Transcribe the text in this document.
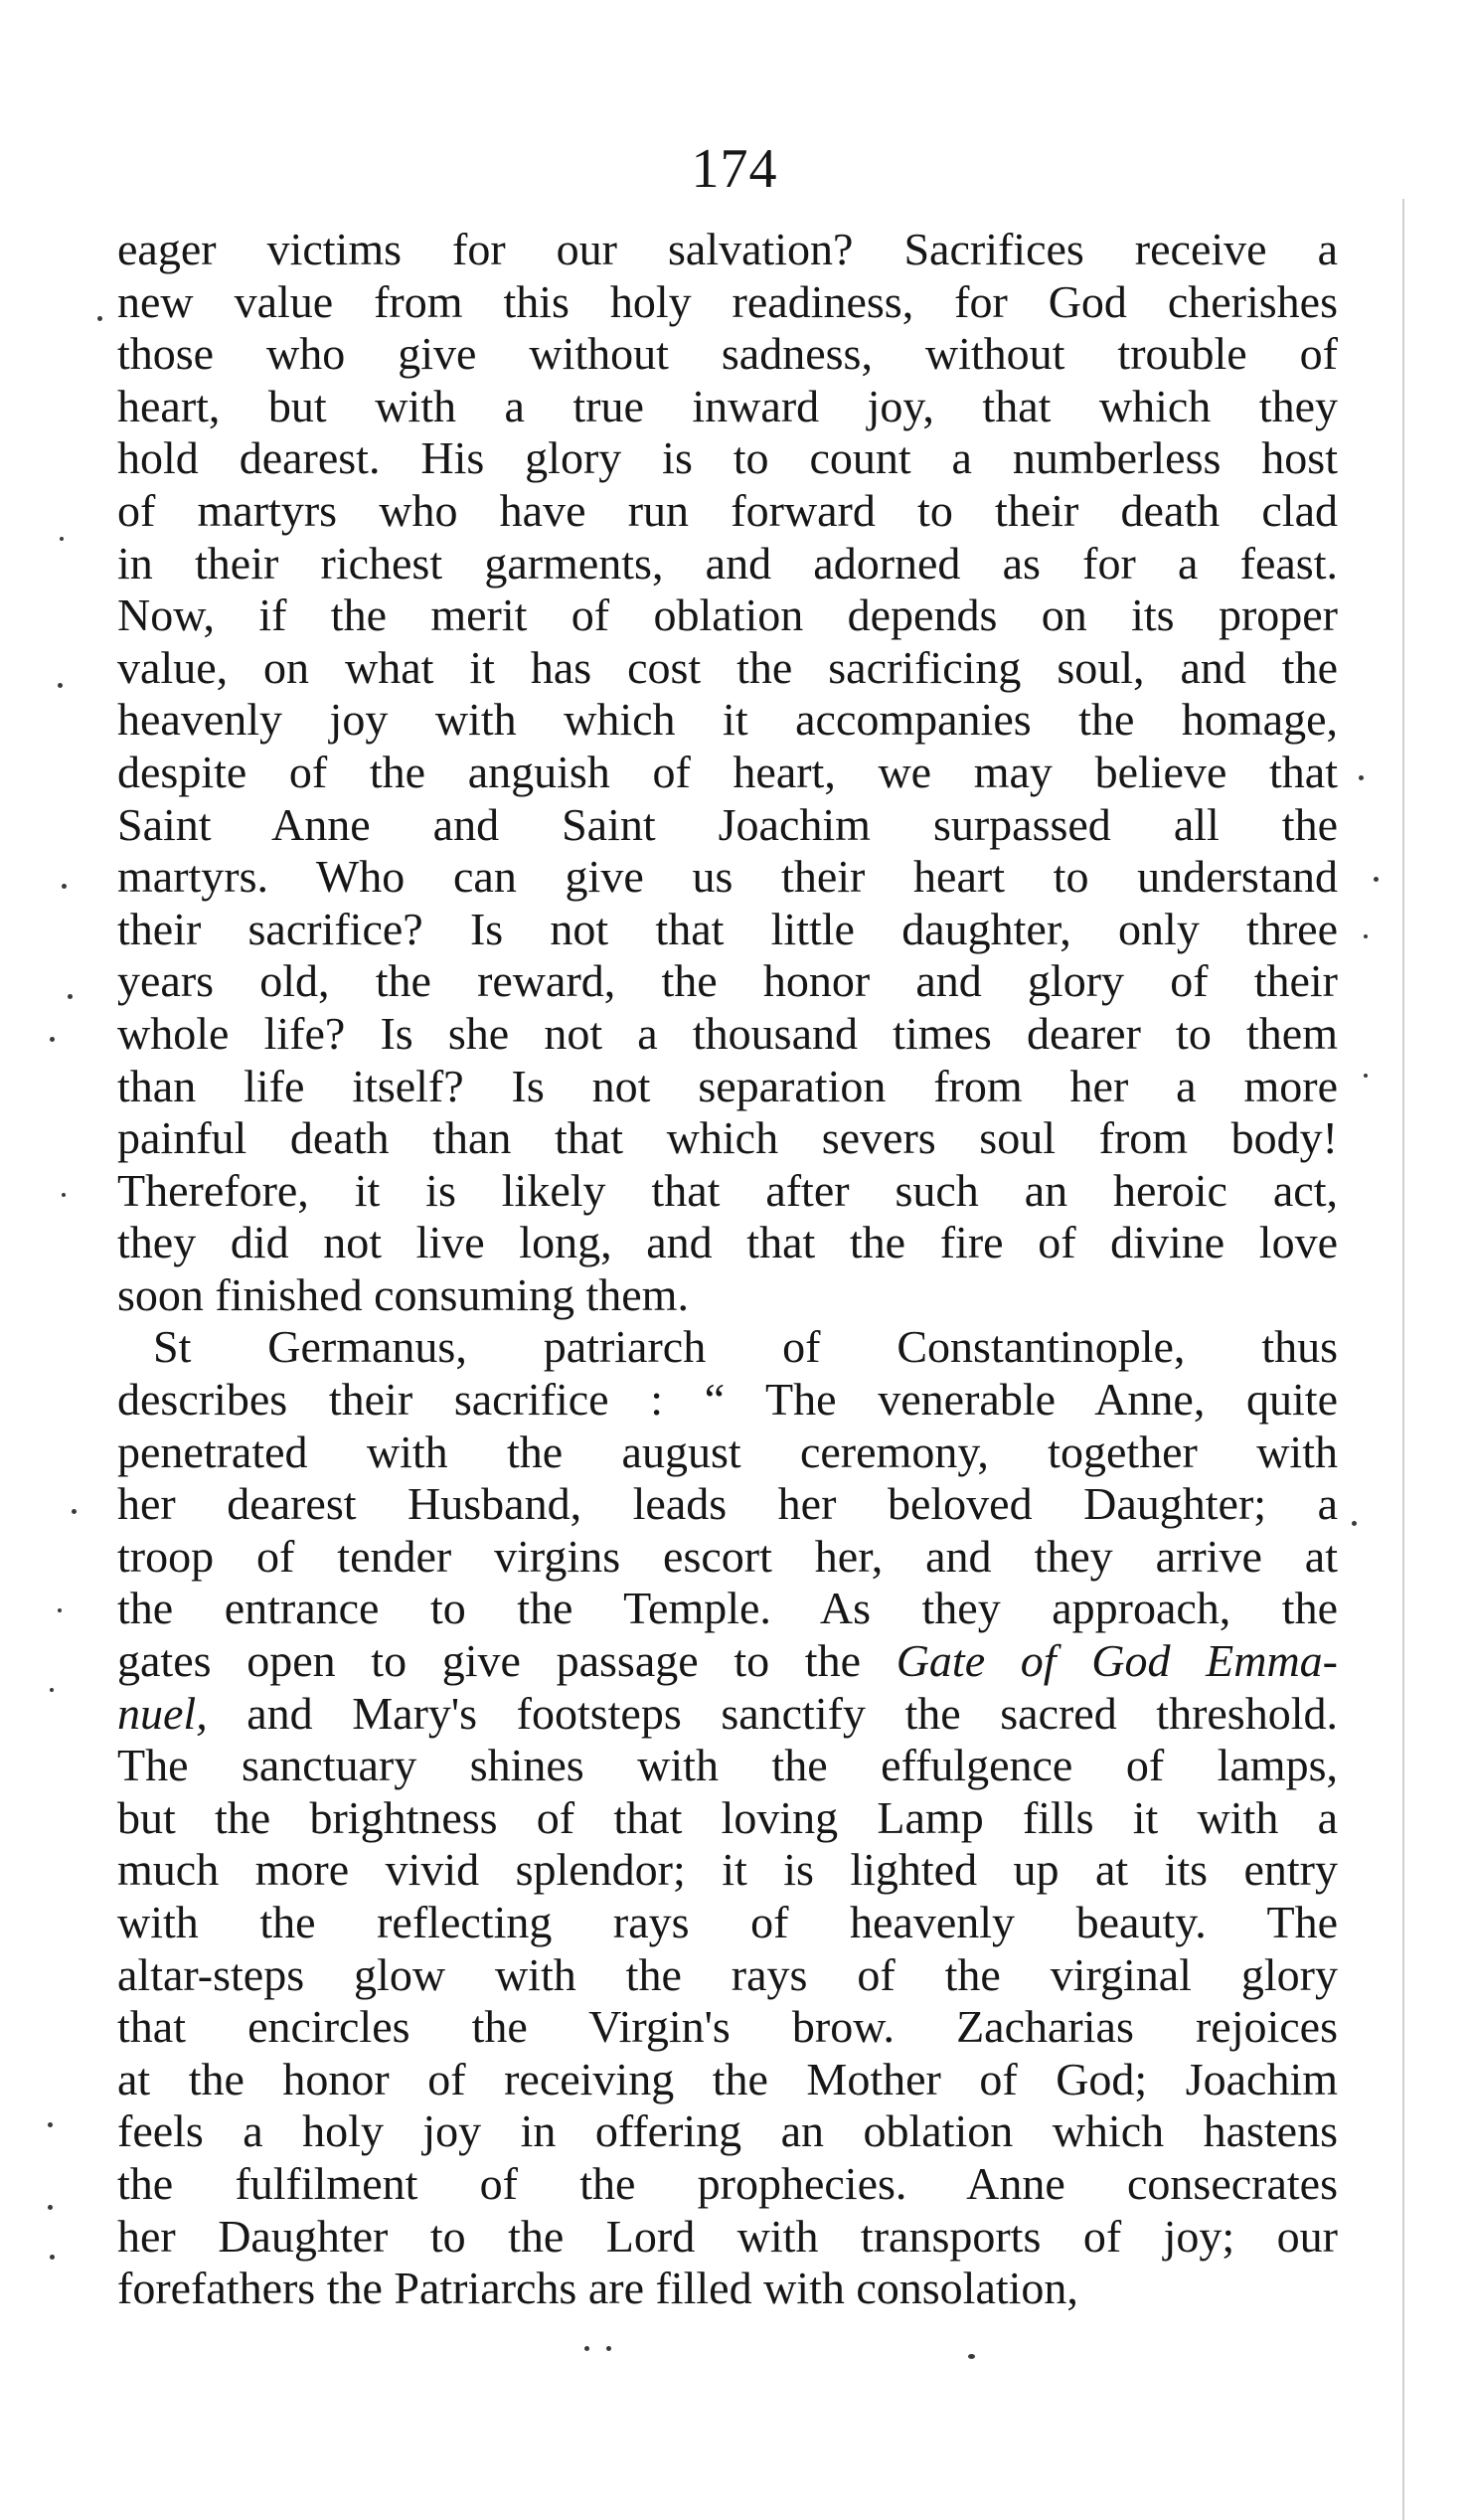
174
eager victims for our salvation? Sacrifices receive a
new value from this holy readiness, for God cherishes
those who give without sadness, without trouble of
heart, but with a true inward joy, that which they
hold dearest. His glory is to count a numberless host
of martyrs who have run forward to their death clad
in their richest garments, and adorned as for a feast.
Now, if the merit of oblation depends on its proper
value, on what it has cost the sacrificing soul, and the
heavenly joy with which it accompanies the homage,
despite of the anguish of heart, we may believe that
Saint Anne and Saint Joachim surpassed all the
martyrs. Who can give us their heart to understand
their sacrifice? Is not that little daughter, only three
years old, the reward, the honor and glory of their
whole life? Is she not a thousand times dearer to them
than life itself? Is not separation from her a more
painful death than that which severs soul from body!
Therefore, it is likely that after such an heroic act,
they did not live long, and that the fire of divine love
soon finished consuming them.
St Germanus, patriarch of Constantinople, thus
describes their sacrifice : “ The venerable Anne, quite
penetrated with the august ceremony, together with
her dearest Husband, leads her beloved Daughter; a
troop of tender virgins escort her, and they arrive at
the entrance to the Temple. As they approach, the
gates open to give passage to the Gate of God Emma-
nuel, and Mary's footsteps sanctify the sacred threshold.
The sanctuary shines with the effulgence of lamps,
but the brightness of that loving Lamp fills it with a
much more vivid splendor; it is lighted up at its entry
with the reflecting rays of heavenly beauty. The
altar-steps glow with the rays of the virginal glory
that encircles the Virgin's brow. Zacharias rejoices
at the honor of receiving the Mother of God; Joachim
feels a holy joy in offering an oblation which hastens
the fulfilment of the prophecies. Anne consecrates
her Daughter to the Lord with transports of joy; our
forefathers the Patriarchs are filled with consolation,
